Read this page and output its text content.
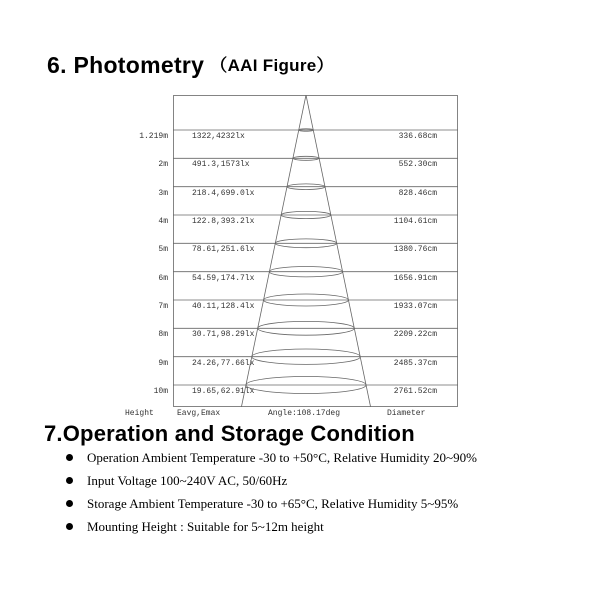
6. Photometry （AAI Figure）
1.219m	1322,4232lx	336.68cm
2m	491.3,1573lx	552.30cm
3m	218.4,699.0lx	828.46cm
4m	122.8,393.2lx	1104.61cm
5m	78.61,251.6lx	1380.76cm
6m	54.59,174.7lx	1656.91cm
7m	40.11,128.4lx	1933.07cm
8m	30.71,98.29lx	2209.22cm
9m	24.26,77.66lx	2485.37cm
10m	19.65,62.91lx	2761.52cm
Height	Eavg,Emax	Angle:108.17deg	Diameter
7.Operation and Storage Condition
Operation Ambient Temperature -30 to +50°C, Relative Humidity 20~90%
Input Voltage 100~240V AC, 50/60Hz
Storage Ambient Temperature -30 to +65°C, Relative Humidity 5~95%
Mounting Height : Suitable for 5~12m height
